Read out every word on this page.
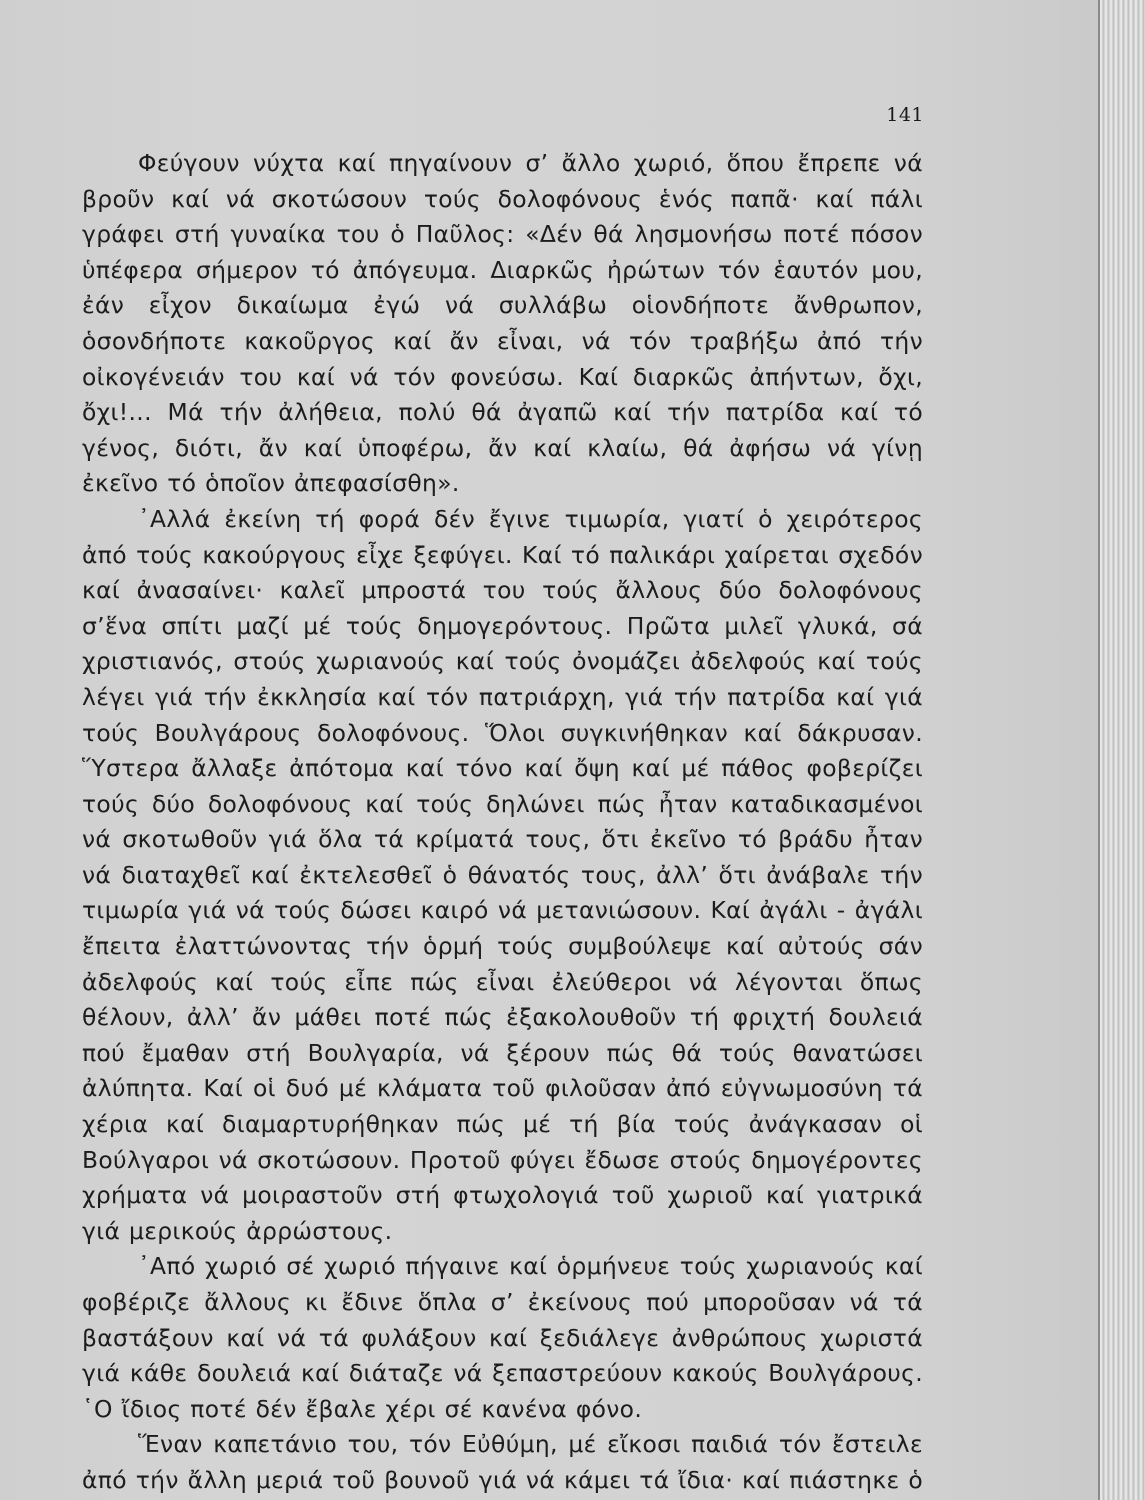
141

Φεύγουν νύχτα καί πηγαίνουν σ’ ἄλλο χωριό, ὅπου ἔπρεπε νά βροῦν καί νά σκοτώσουν τούς δολοφόνους ἑνός παπᾶ· καί πάλι γράφει στή γυναίκα του ὁ Παῦλος: «Δέν θά λησμονήσω ποτέ πόσον ὑπέφερα σήμερον τό ἀπόγευμα. Διαρκῶς ἠρώτων τόν ἑαυτόν μου, ἐάν εἶχον δικαίωμα ἐγώ νά συλλάβω οἱονδήποτε ἄνθρωπον, ὁσονδήποτε κακοῦργος καί ἄν εἶναι, νά τόν τραβήξω ἀπό τήν οἰκογένειάν του καί νά τόν φονεύσω. Καί διαρκῶς ἀπήντων, ὄχι, ὄχι!... Μά τήν ἀλήθεια, πολύ θά ἀγαπῶ καί τήν πατρίδα καί τό γένος, διότι, ἄν καί ὑποφέρω, ἄν καί κλαίω, θά ἀφήσω νά γίνῃ ἐκεῖνο τό ὁποῖον ἀπεφασίσθη».

᾿Αλλά ἐκείνη τή φορά δέν ἔγινε τιμωρία, γιατί ὁ χειρότερος ἀπό τούς κακούργους εἶχε ξεφύγει. Καί τό παλικάρι χαίρεται σχεδόν καί ἀνασαίνει· καλεῖ μπροστά του τούς ἄλλους δύο δολοφόνους σ’ἕνα σπίτι μαζί μέ τούς δημογερόντους. Πρῶτα μιλεῖ γλυκά, σά χριστιανός, στούς χωριανούς καί τούς ὀνομάζει ἀδελφούς καί τούς λέγει γιά τήν ἐκκλησία καί τόν πατριάρχη, γιά τήν πατρίδα καί γιά τούς Βουλγάρους δολοφόνους. Ὅλοι συγκινήθηκαν καί δάκρυσαν. Ὕστερα ἄλλαξε ἀπότομα καί τόνο καί ὄψη καί μέ πάθος φοβερίζει τούς δύο δολοφόνους καί τούς δηλώνει πώς ἦταν καταδικασμένοι νά σκοτωθοῦν γιά ὅλα τά κρίματά τους, ὅτι ἐκεῖνο τό βράδυ ἦταν νά διαταχθεῖ καί ἐκτελεσθεῖ ὁ θάνατός τους, ἀλλ’ ὅτι ἀνάβαλε τήν τιμωρία γιά νά τούς δώσει καιρό νά μετανιώσουν. Καί ἀγάλι - ἀγάλι ἔπειτα ἐλαττώνοντας τήν ὁρμή τούς συμβούλεψε καί αὐτούς σάν ἀδελφούς καί τούς εἶπε πώς εἶναι ἐλεύθεροι νά λέγονται ὅπως θέλουν, ἀλλ’ ἄν μάθει ποτέ πώς ἐξακολουθοῦν τή φριχτή δουλειά πού ἔμαθαν στή Βουλγαρία, νά ξέρουν πώς θά τούς θανατώσει ἀλύπητα. Καί οἱ δυό μέ κλάματα τοῦ φιλοῦσαν ἀπό εὐγνωμοσύνη τά χέρια καί διαμαρτυρήθηκαν πώς μέ τή βία τούς ἀνάγκασαν οἱ Βούλγαροι νά σκοτώσουν. Προτοῦ φύγει ἔδωσε στούς δημογέροντες χρήματα νά μοιραστοῦν στή φτωχολογιά τοῦ χωριοῦ καί γιατρικά γιά μερικούς ἀρρώστους.

᾿Από χωριό σέ χωριό πήγαινε καί ὁρμήνευε τούς χωριανούς καί φοβέριζε ἄλλους κι ἔδινε ὅπλα σ’ ἐκείνους πού μποροῦσαν νά τά βαστάξουν καί νά τά φυλάξουν καί ξεδιάλεγε ἀνθρώπους χωριστά γιά κάθε δουλειά καί διάταζε νά ξεπαστρεύουν κακούς Βουλγάρους. ῾Ο ἴδιος ποτέ δέν ἔβαλε χέρι σέ κανένα φόνο.

Ἕναν καπετάνιο του, τόν Εὐθύμη, μέ εἴκοσι παιδιά τόν ἔστειλε ἀπό τήν ἄλλη μεριά τοῦ βουνοῦ γιά νά κάμει τά ἴδια· καί πιάστηκε ὁ
